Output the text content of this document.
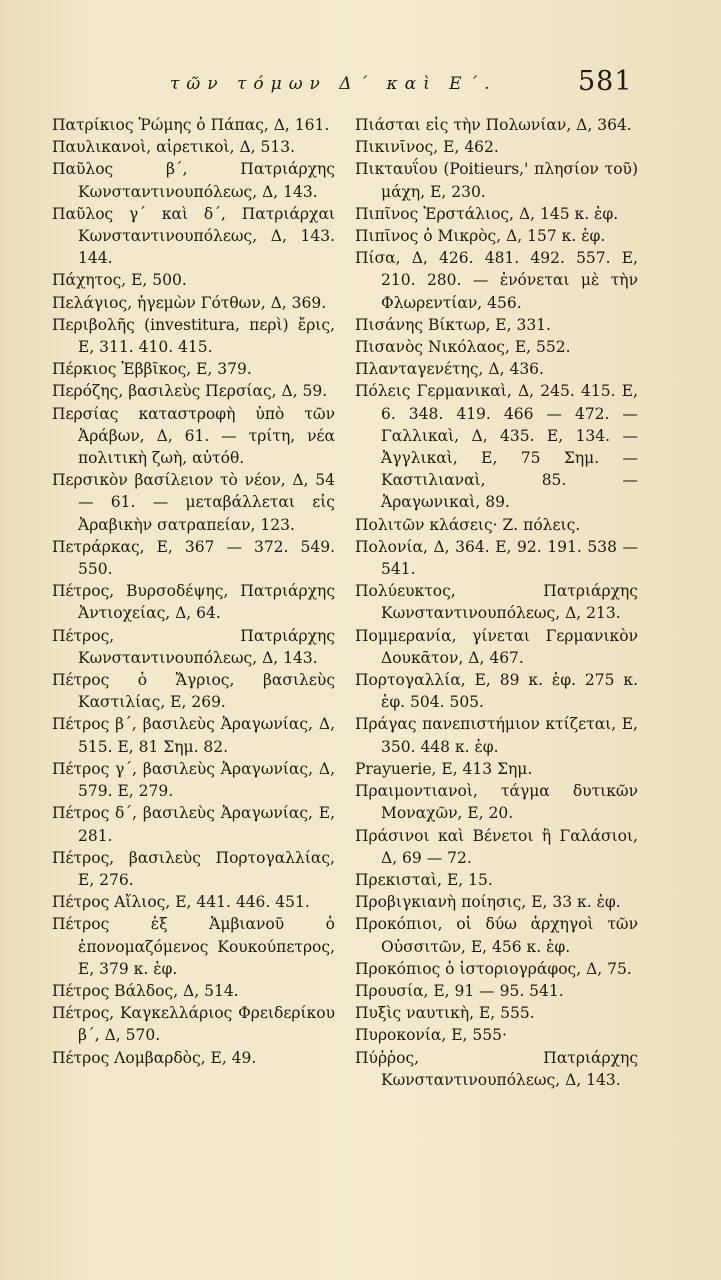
τῶν τόμων Δ΄ καὶ Ε΄.	581
Πατρίκιος Ῥώμης ὁ Πάπας, Δ, 161.
Παυλικανοὶ, αἱρετικοὶ, Δ, 513.
Παῦλος β΄, Πατριάρχης Κωνσταντινουπόλεως, Δ, 143.
Παῦλος γ΄ καὶ δ΄, Πατριάρχαι Κωνσταντινουπόλεως, Δ, 143. 144.
Πάχητος, Ε, 500.
Πελάγιος, ἡγεμὼν Γότθων, Δ, 369.
Περιβολῆς (investitura, περὶ) ἔρις, Ε, 311. 410. 415.
Πέρκιος Ἐββῖκος, Ε, 379.
Περόζης, βασιλεὺς Περσίας, Δ, 59.
Περσίας καταστροφὴ ὑπὸ τῶν Ἀράβων, Δ, 61. — τρίτη, νέα πολιτικὴ ζωὴ, αὐτόθ.
Περσικὸν βασίλειον τὸ νέον, Δ, 54 — 61. — μεταβάλλεται εἰς Ἀραβικὴν σατραπείαν, 123.
Πετράρκας, Ε, 367 — 372. 549. 550.
Πέτρος, Βυρσοδέψης, Πατριάρχης Ἀντιοχείας, Δ, 64.
Πέτρος, Πατριάρχης Κωνσταντινουπόλεως, Δ, 143.
Πέτρος ὁ Ἄγριος, βασιλεὺς Καστιλίας, Ε, 269.
Πέτρος β΄, βασιλεὺς Ἀραγωνίας, Δ, 515. Ε, 81 Σημ. 82.
Πέτρος γ΄, βασιλεὺς Ἀραγωνίας, Δ, 579. Ε, 279.
Πέτρος δ΄, βασιλεὺς Ἀραγωνίας, Ε, 281.
Πέτρος, βασιλεὺς Πορτογαλλίας, Ε, 276.
Πέτρος Αἴλιος, Ε, 441. 446. 451.
Πέτρος ἐξ Ἀμβιανοῦ ὁ ἐπονομαζόμενος Κουκούπετρος, Ε, 379 κ. ἑφ.
Πέτρος Βάλδος, Δ, 514.
Πέτρος, Καγκελλάριος Φρειδερίκου β΄, Δ, 570.
Πέτρος Λομβαρδὸς, Ε, 49.
Πιάσται εἰς τὴν Πολωνίαν, Δ, 364.
Πικινῖνος, Ε, 462.
Πικταυΐου (Poitieurs,' πλησίον τοῦ) μάχη, Ε, 230.
Πιπῖνος Ἐρστάλιος, Δ, 145 κ. ἑφ.
Πιπῖνος ὁ Μικρὸς, Δ, 157 κ. ἑφ.
Πίσα, Δ, 426. 481. 492. 557. Ε, 210. 280. — ἑνόνεται μὲ τὴν Φλωρεντίαν, 456.
Πισάνης Βίκτωρ, Ε, 331.
Πισανὸς Νικόλαος, Ε, 552.
Πλανταγενέτης, Δ, 436.
Πόλεις Γερμανικαὶ, Δ, 245. 415. Ε, 6. 348. 419. 466 — 472. — Γαλλικαὶ, Δ, 435. Ε, 134. — Ἀγγλικαὶ, Ε, 75 Σημ. — Καστιλιαναὶ, 85. — Ἀραγωνικαὶ, 89.
Πολιτῶν κλάσεις· Ζ. πόλεις.
Πολονία, Δ, 364. Ε, 92. 191. 538 — 541.
Πολύευκτος, Πατριάρχης Κωνσταντινουπόλεως, Δ, 213.
Πομμερανία, γίνεται Γερμανικὸν Δουκᾶτον, Δ, 467.
Πορτογαλλία, Ε, 89 κ. ἑφ. 275 κ. ἑφ. 504. 505.
Πράγας πανεπιστήμιον κτίζεται, Ε, 350. 448 κ. ἑφ.
Prayuerie, Ε, 413 Σημ.
Πραιμοντιανοὶ, τάγμα δυτικῶν Μοναχῶν, Ε, 20.
Πράσινοι καὶ Βένετοι ἢ Γαλάσιοι, Δ, 69 — 72.
Πρεκισταὶ, Ε, 15.
Προβιγκιανὴ ποίησις, Ε, 33 κ. ἑφ.
Προκόπιοι, οἱ δύω ἀρχηγοὶ τῶν Οὐσσιτῶν, Ε, 456 κ. ἑφ.
Προκόπιος ὁ ἱστοριογράφος, Δ, 75.
Προυσία, Ε, 91 — 95. 541.
Πυξὶς ναυτικὴ, Ε, 555.
Πυροκονία, Ε, 555·
Πύῤῥος, Πατριάρχης Κωνσταντινουπόλεως, Δ, 143.
